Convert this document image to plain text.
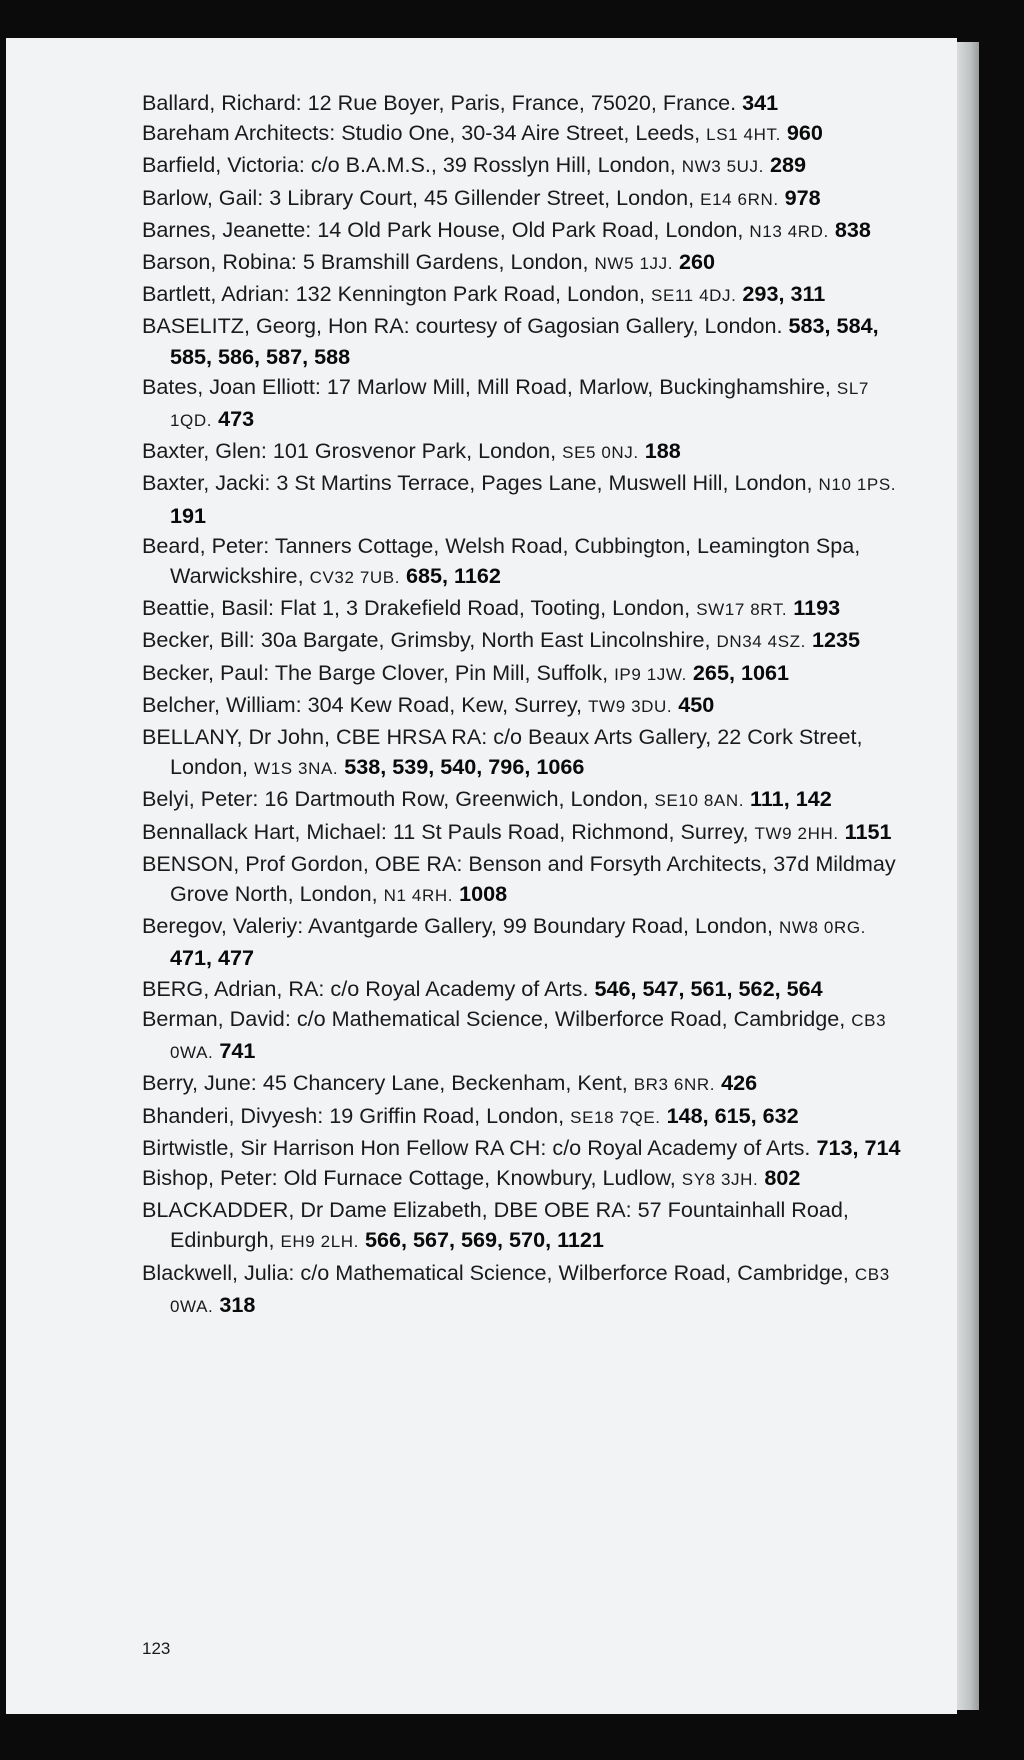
Ballard, Richard: 12 Rue Boyer, Paris, France, 75020, France. 341
Bareham Architects: Studio One, 30-34 Aire Street, Leeds, LS1 4HT. 960
Barfield, Victoria: c/o B.A.M.S., 39 Rosslyn Hill, London, NW3 5UJ. 289
Barlow, Gail: 3 Library Court, 45 Gillender Street, London, E14 6RN. 978
Barnes, Jeanette: 14 Old Park House, Old Park Road, London, N13 4RD. 838
Barson, Robina: 5 Bramshill Gardens, London, NW5 1JJ. 260
Bartlett, Adrian: 132 Kennington Park Road, London, SE11 4DJ. 293, 311
BASELITZ, Georg, Hon RA: courtesy of Gagosian Gallery, London. 583, 584, 585, 586, 587, 588
Bates, Joan Elliott: 17 Marlow Mill, Mill Road, Marlow, Buckinghamshire, SL7 1QD. 473
Baxter, Glen: 101 Grosvenor Park, London, SE5 0NJ. 188
Baxter, Jacki: 3 St Martins Terrace, Pages Lane, Muswell Hill, London, N10 1PS. 191
Beard, Peter: Tanners Cottage, Welsh Road, Cubbington, Leamington Spa, Warwickshire, CV32 7UB. 685, 1162
Beattie, Basil: Flat 1, 3 Drakefield Road, Tooting, London, SW17 8RT. 1193
Becker, Bill: 30a Bargate, Grimsby, North East Lincolnshire, DN34 4SZ. 1235
Becker, Paul: The Barge Clover, Pin Mill, Suffolk, IP9 1JW. 265, 1061
Belcher, William: 304 Kew Road, Kew, Surrey, TW9 3DU. 450
BELLANY, Dr John, CBE HRSA RA: c/o Beaux Arts Gallery, 22 Cork Street, London, W1S 3NA. 538, 539, 540, 796, 1066
Belyi, Peter: 16 Dartmouth Row, Greenwich, London, SE10 8AN. 111, 142
Bennallack Hart, Michael: 11 St Pauls Road, Richmond, Surrey, TW9 2HH. 1151
BENSON, Prof Gordon, OBE RA: Benson and Forsyth Architects, 37d Mildmay Grove North, London, N1 4RH. 1008
Beregov, Valeriy: Avantgarde Gallery, 99 Boundary Road, London, NW8 0RG. 471, 477
BERG, Adrian, RA: c/o Royal Academy of Arts. 546, 547, 561, 562, 564
Berman, David: c/o Mathematical Science, Wilberforce Road, Cambridge, CB3 0WA. 741
Berry, June: 45 Chancery Lane, Beckenham, Kent, BR3 6NR. 426
Bhanderi, Divyesh: 19 Griffin Road, London, SE18 7QE. 148, 615, 632
Birtwistle, Sir Harrison Hon Fellow RA CH: c/o Royal Academy of Arts. 713, 714
Bishop, Peter: Old Furnace Cottage, Knowbury, Ludlow, SY8 3JH. 802
BLACKADDER, Dr Dame Elizabeth, DBE OBE RA: 57 Fountainhall Road, Edinburgh, EH9 2LH. 566, 567, 569, 570, 1121
Blackwell, Julia: c/o Mathematical Science, Wilberforce Road, Cambridge, CB3 0WA. 318
123
